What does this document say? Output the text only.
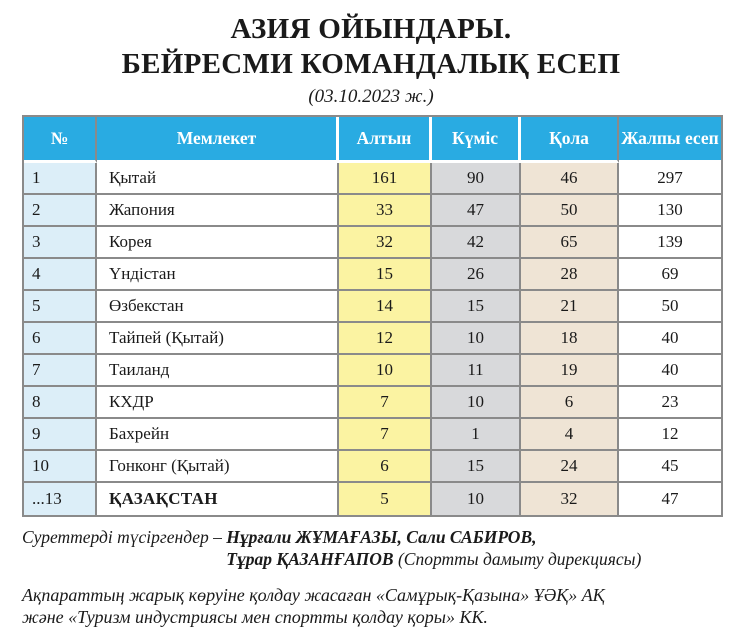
АЗИЯ ОЙЫНДАРЫ.
БЕЙРЕСМИ КОМАНДАЛЫҚ ЕСЕП
(03.10.2023 ж.)
№	Мемлекет	Алтын	Күміс	Қола	Жалпы есеп
1	Қытай	161	90	46	297
2	Жапония	33	47	50	130
3	Корея	32	42	65	139
4	Үндістан	15	26	28	69
5	Өзбекстан	14	15	21	50
6	Тайпей (Қытай)	12	10	18	40
7	Таиланд	10	11	19	40
8	КХДР	7	10	6	23
9	Бахрейн	7	1	4	12
10	Гонконг (Қытай)	6	15	24	45
...13	ҚАЗАҚСТАН	5	10	32	47

Суреттерді түсіргендер – Нұрғали ЖҰМАҒАЗЫ, Сали САБИРОВ,
Тұрар ҚАЗАНҒАПОВ (Спортты дамыту дирекциясы)

Ақпараттың жарық көруіне қолдау жасаған «Самұрық-Қазына» ҰӘҚ» АҚ
және «Туризм индустриясы мен спортты қолдау қоры» КК.
